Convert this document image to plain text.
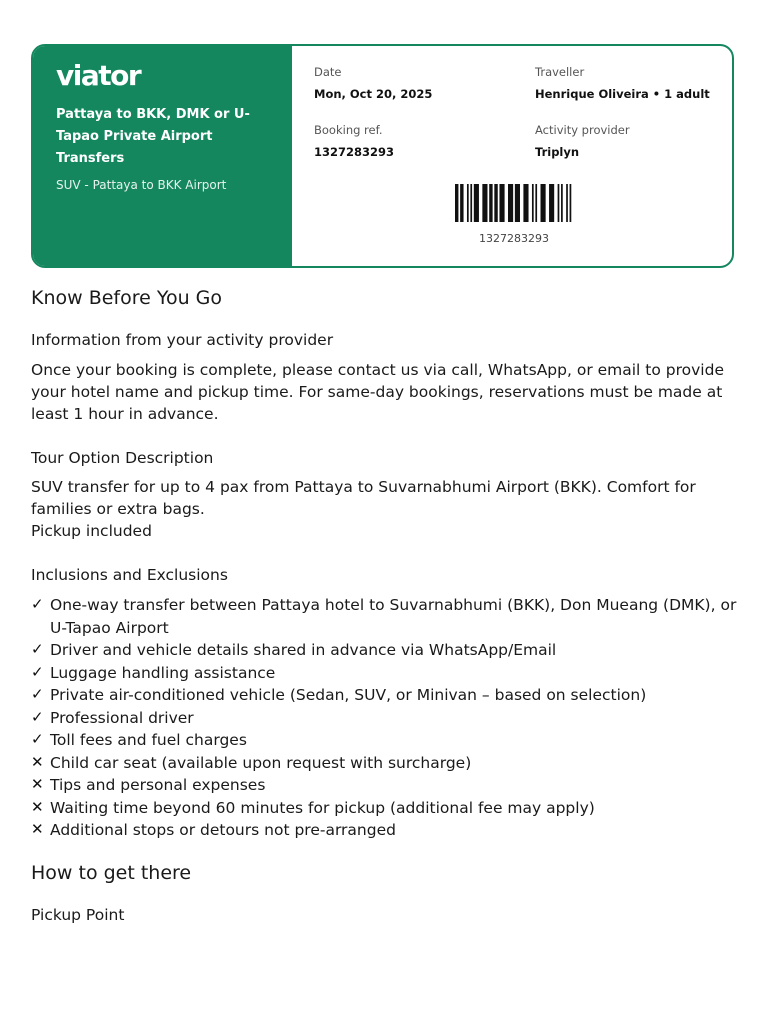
viator
Pattaya to BKK, DMK or U-Tapao Private Airport Transfers
SUV - Pattaya to BKK Airport
Date
Mon, Oct 20, 2025
Traveller
Henrique Oliveira • 1 adult
Booking ref.
1327283293
Activity provider
Triplyn
1327283293
Know Before You Go
Information from your activity provider
Once your booking is complete, please contact us via call, WhatsApp, or email to provide your hotel name and pickup time. For same-day bookings, reservations must be made at least 1 hour in advance.
Tour Option Description
SUV transfer for up to 4 pax from Pattaya to Suvarnabhumi Airport (BKK). Comfort for families or extra bags.
Pickup included
Inclusions and Exclusions
✓ One-way transfer between Pattaya hotel to Suvarnabhumi (BKK), Don Mueang (DMK), or U-Tapao Airport
✓ Driver and vehicle details shared in advance via WhatsApp/Email
✓ Luggage handling assistance
✓ Private air-conditioned vehicle (Sedan, SUV, or Minivan – based on selection)
✓ Professional driver
✓ Toll fees and fuel charges
✕ Child car seat (available upon request with surcharge)
✕ Tips and personal expenses
✕ Waiting time beyond 60 minutes for pickup (additional fee may apply)
✕ Additional stops or detours not pre-arranged
How to get there
Pickup Point
